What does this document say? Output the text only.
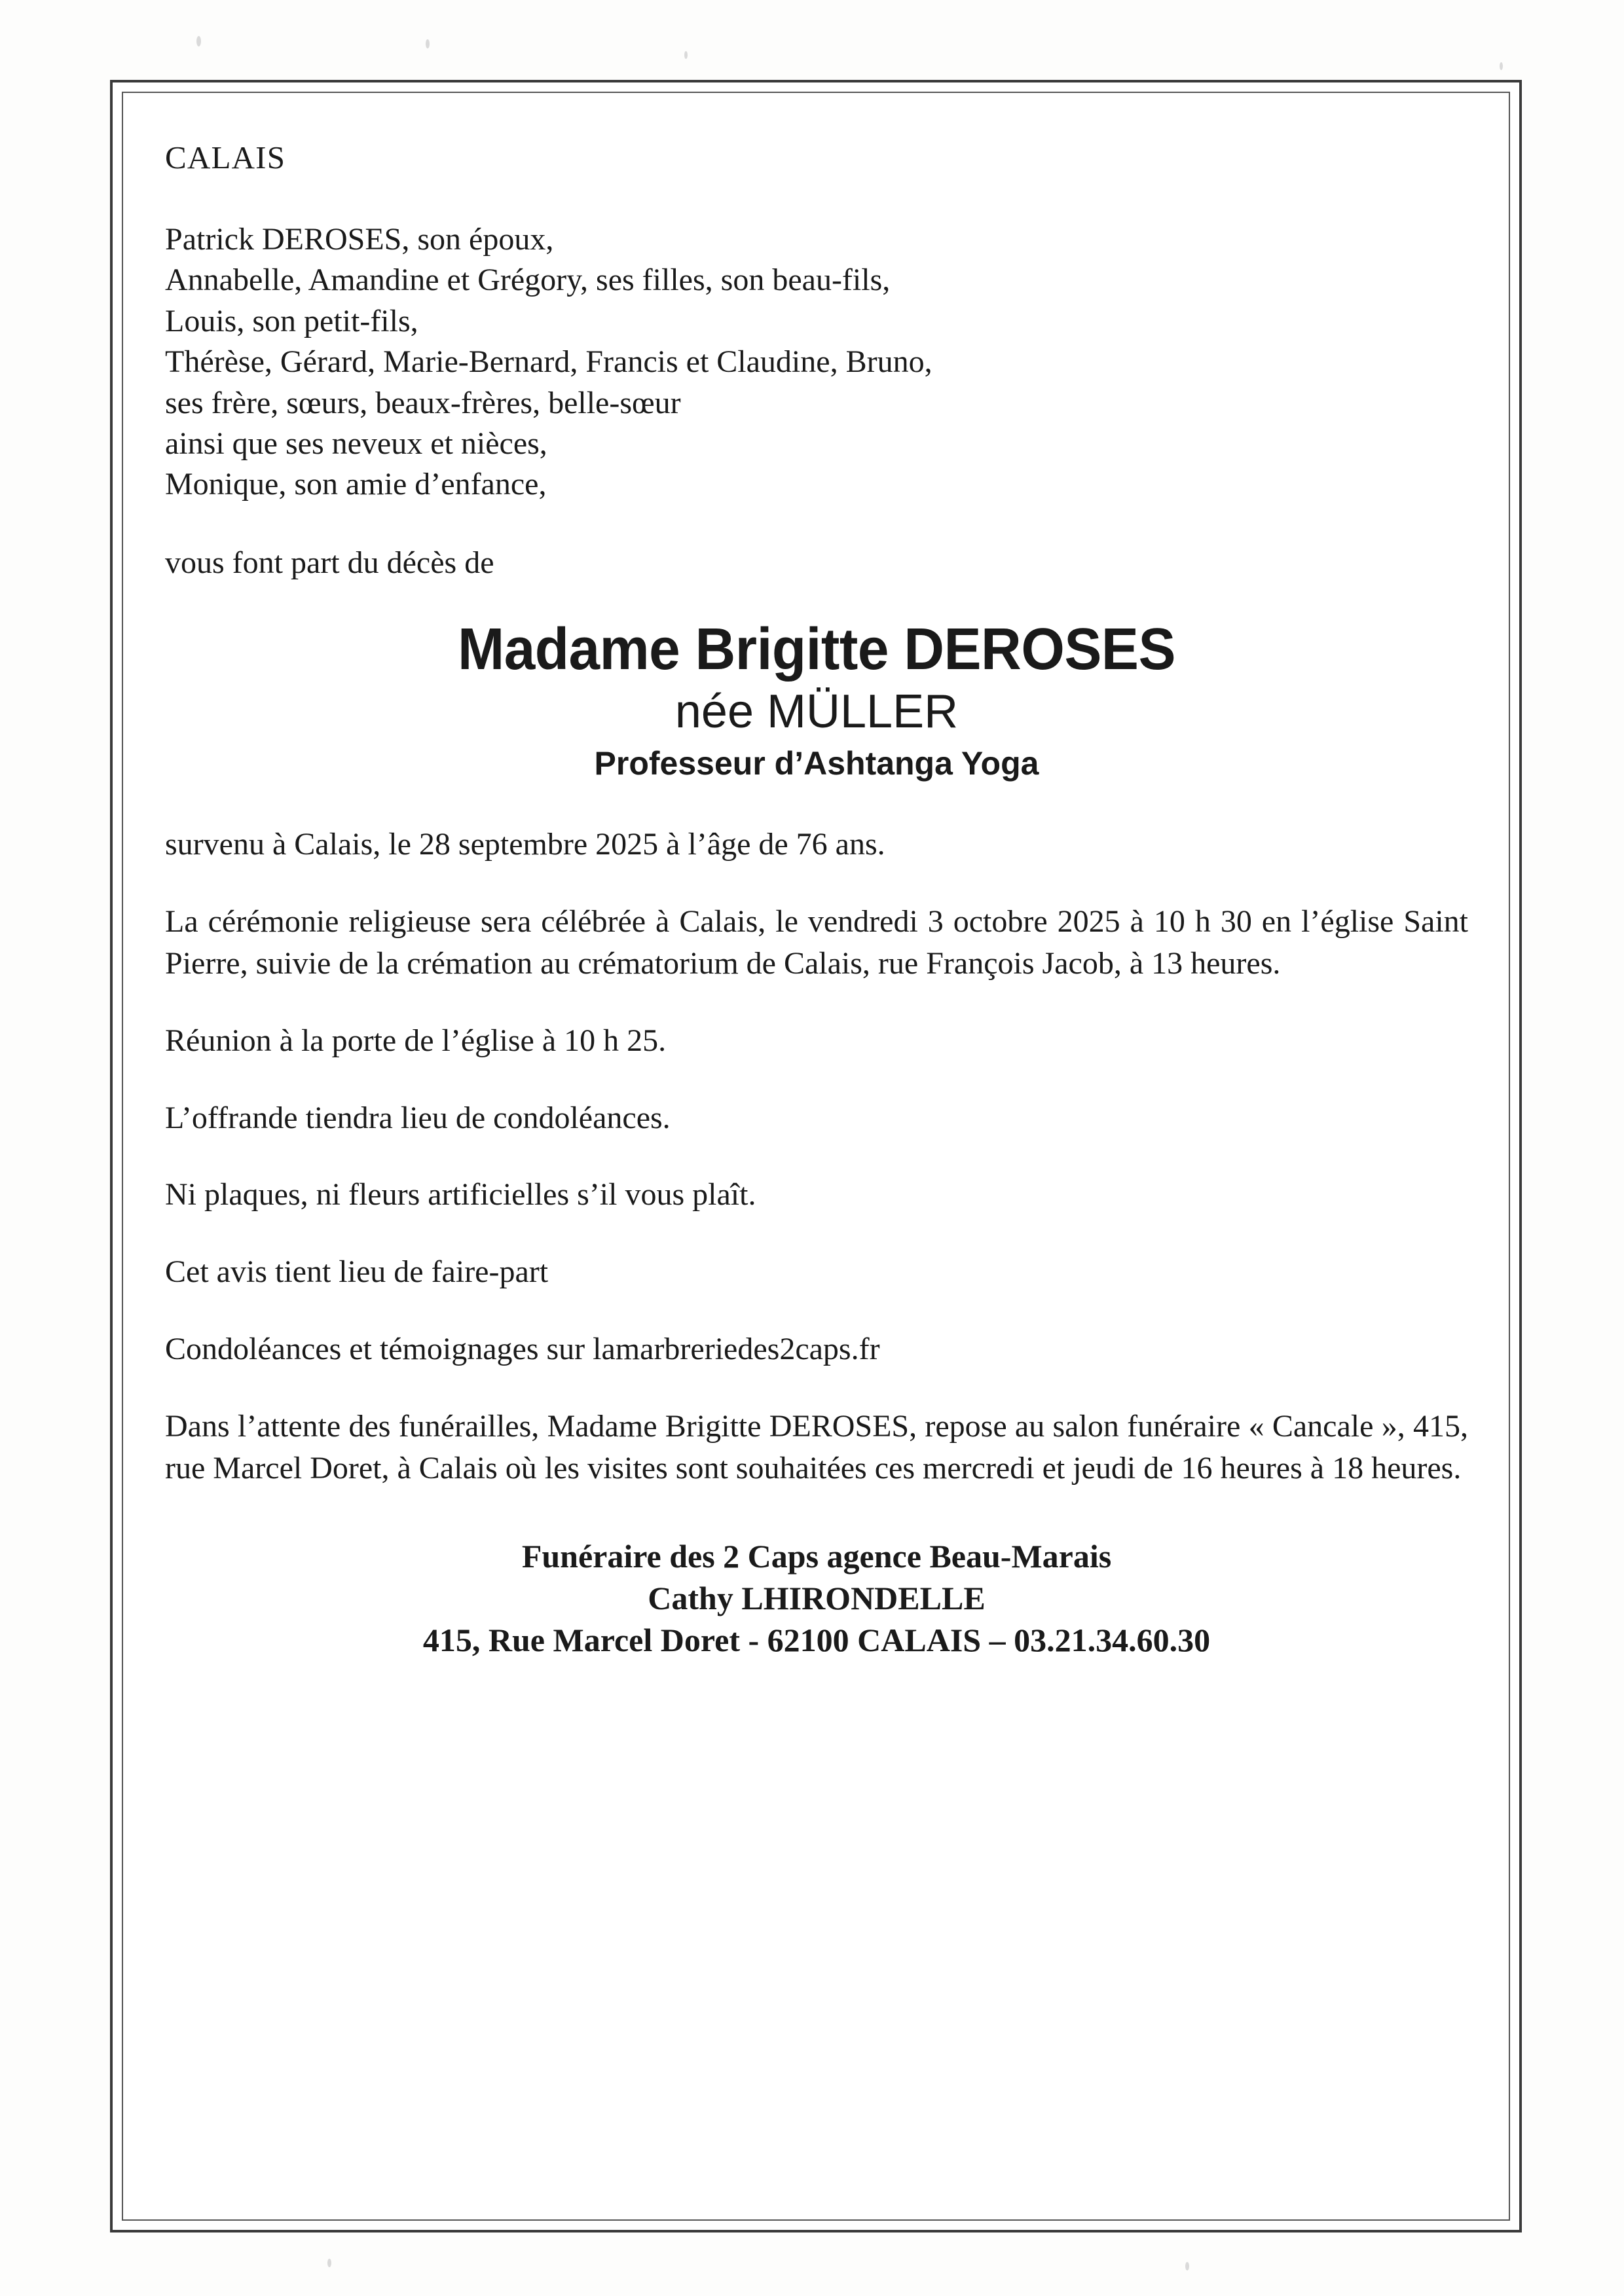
CALAIS
Patrick DEROSES, son époux,
Annabelle, Amandine et Grégory, ses filles, son beau-fils,
Louis, son petit-fils,
Thérèse, Gérard, Marie-Bernard, Francis et Claudine, Bruno,
ses frère, sœurs, beaux-frères, belle-sœur
ainsi que ses neveux et nièces,
Monique, son amie d’enfance,
vous font part du décès de
Madame Brigitte DEROSES
née MÜLLER
Professeur d’Ashtanga Yoga

survenu à Calais, le 28 septembre 2025 à l’âge de 76 ans.

La cérémonie religieuse sera célébrée à Calais, le vendredi 3 octobre 2025 à 10 h 30 en l’église Saint Pierre, suivie de la crémation au crématorium de Calais, rue François Jacob, à 13 heures.

Réunion à la porte de l’église à 10 h 25.

L’offrande tiendra lieu de condoléances.

Ni plaques, ni fleurs artificielles s’il vous plaît.

Cet avis tient lieu de faire-part

Condoléances et témoignages sur lamarbreriedes2caps.fr

Dans l’attente des funérailles, Madame Brigitte DEROSES, repose au salon funéraire « Cancale », 415, rue Marcel Doret, à Calais où les visites sont souhaitées ces mercredi et jeudi de 16 heures à 18 heures.

Funéraire des 2 Caps agence Beau-Marais
Cathy LHIRONDELLE
415, Rue Marcel Doret - 62100 CALAIS – 03.21.34.60.30
